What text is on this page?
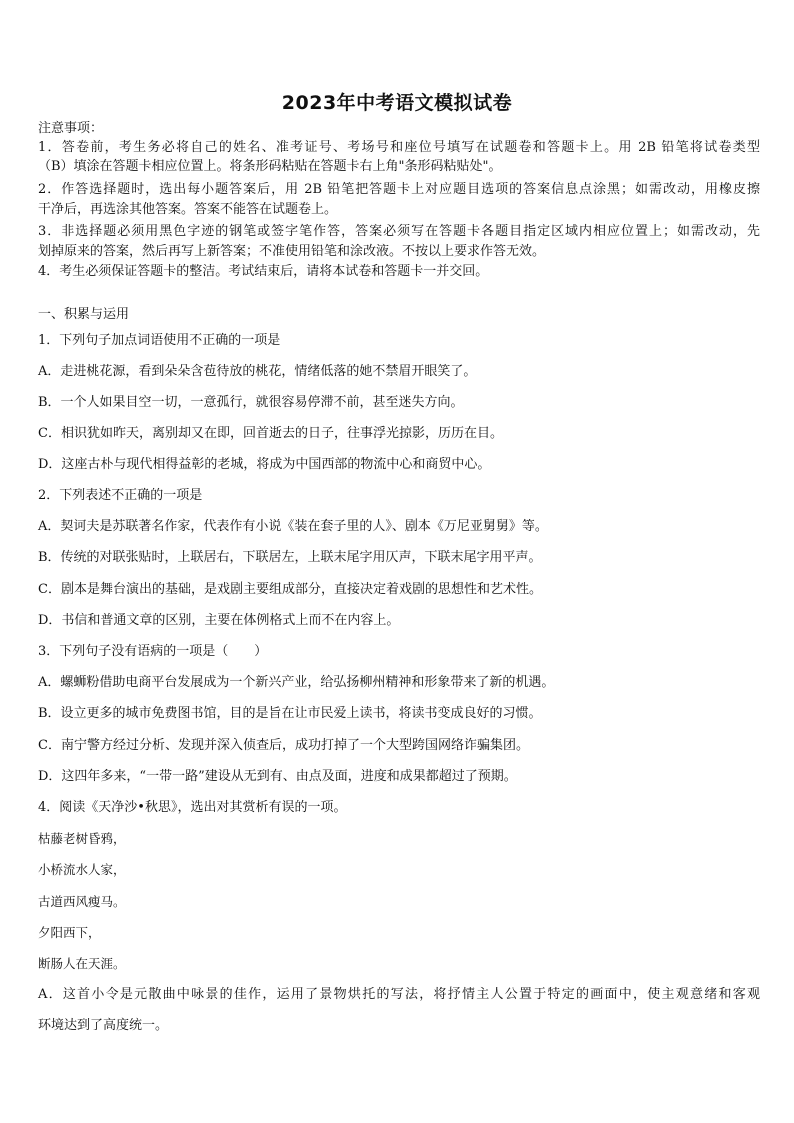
2023年中考语文模拟试卷
注意事项：
1．答卷前，考生务必将自己的姓名、准考证号、考场号和座位号填写在试题卷和答题卡上。用 2B 铅笔将试卷类型
（B）填涂在答题卡相应位置上。将条形码粘贴在答题卡右上角"条形码粘贴处"。
2．作答选择题时，选出每小题答案后，用 2B 铅笔把答题卡上对应题目选项的答案信息点涂黑；如需改动，用橡皮擦
干净后，再选涂其他答案。答案不能答在试题卷上。
3．非选择题必须用黑色字迹的钢笔或签字笔作答，答案必须写在答题卡各题目指定区域内相应位置上；如需改动，先
划掉原来的答案，然后再写上新答案；不准使用铅笔和涂改液。不按以上要求作答无效。
4．考生必须保证答题卡的整洁。考试结束后，请将本试卷和答题卡一并交回。
一、积累与运用
1．下列句子加点词语使用不正确的一项是
A．走进桃花源，看到朵朵含苞待放的桃花，情绪低落的她不禁眉开眼笑了。
B．一个人如果目空一切，一意孤行，就很容易停滞不前，甚至迷失方向。
C．相识犹如昨天，离别却又在即，回首逝去的日子，往事浮光掠影，历历在目。
D．这座古朴与现代相得益彰的老城，将成为中国西部的物流中心和商贸中心。
2．下列表述不正确的一项是
A．契诃夫是苏联著名作家，代表作有小说《装在套子里的人》、剧本《万尼亚舅舅》等。
B．传统的对联张贴时，上联居右，下联居左，上联末尾字用仄声，下联末尾字用平声。
C．剧本是舞台演出的基础，是戏剧主要组成部分，直接决定着戏剧的思想性和艺术性。
D．书信和普通文章的区别，主要在体例格式上而不在内容上。
3．下列句子没有语病的一项是（　　）
A．螺蛳粉借助电商平台发展成为一个新兴产业，给弘扬柳州精神和形象带来了新的机遇。
B．设立更多的城市免费图书馆，目的是旨在让市民爱上读书，将读书变成良好的习惯。
C．南宁警方经过分析、发现并深入侦查后，成功打掉了一个大型跨国网络诈骗集团。
D．这四年多来，“一带一路”建设从无到有、由点及面，进度和成果都超过了预期。
4．阅读《天净沙•秋思》，选出对其赏析有误的一项。
枯藤老树昏鸦，
小桥流水人家，
古道西风瘦马。
夕阳西下，
断肠人在天涯。
A．这首小令是元散曲中咏景的佳作，运用了景物烘托的写法，将抒情主人公置于特定的画面中，使主观意绪和客观
环境达到了高度统一。
